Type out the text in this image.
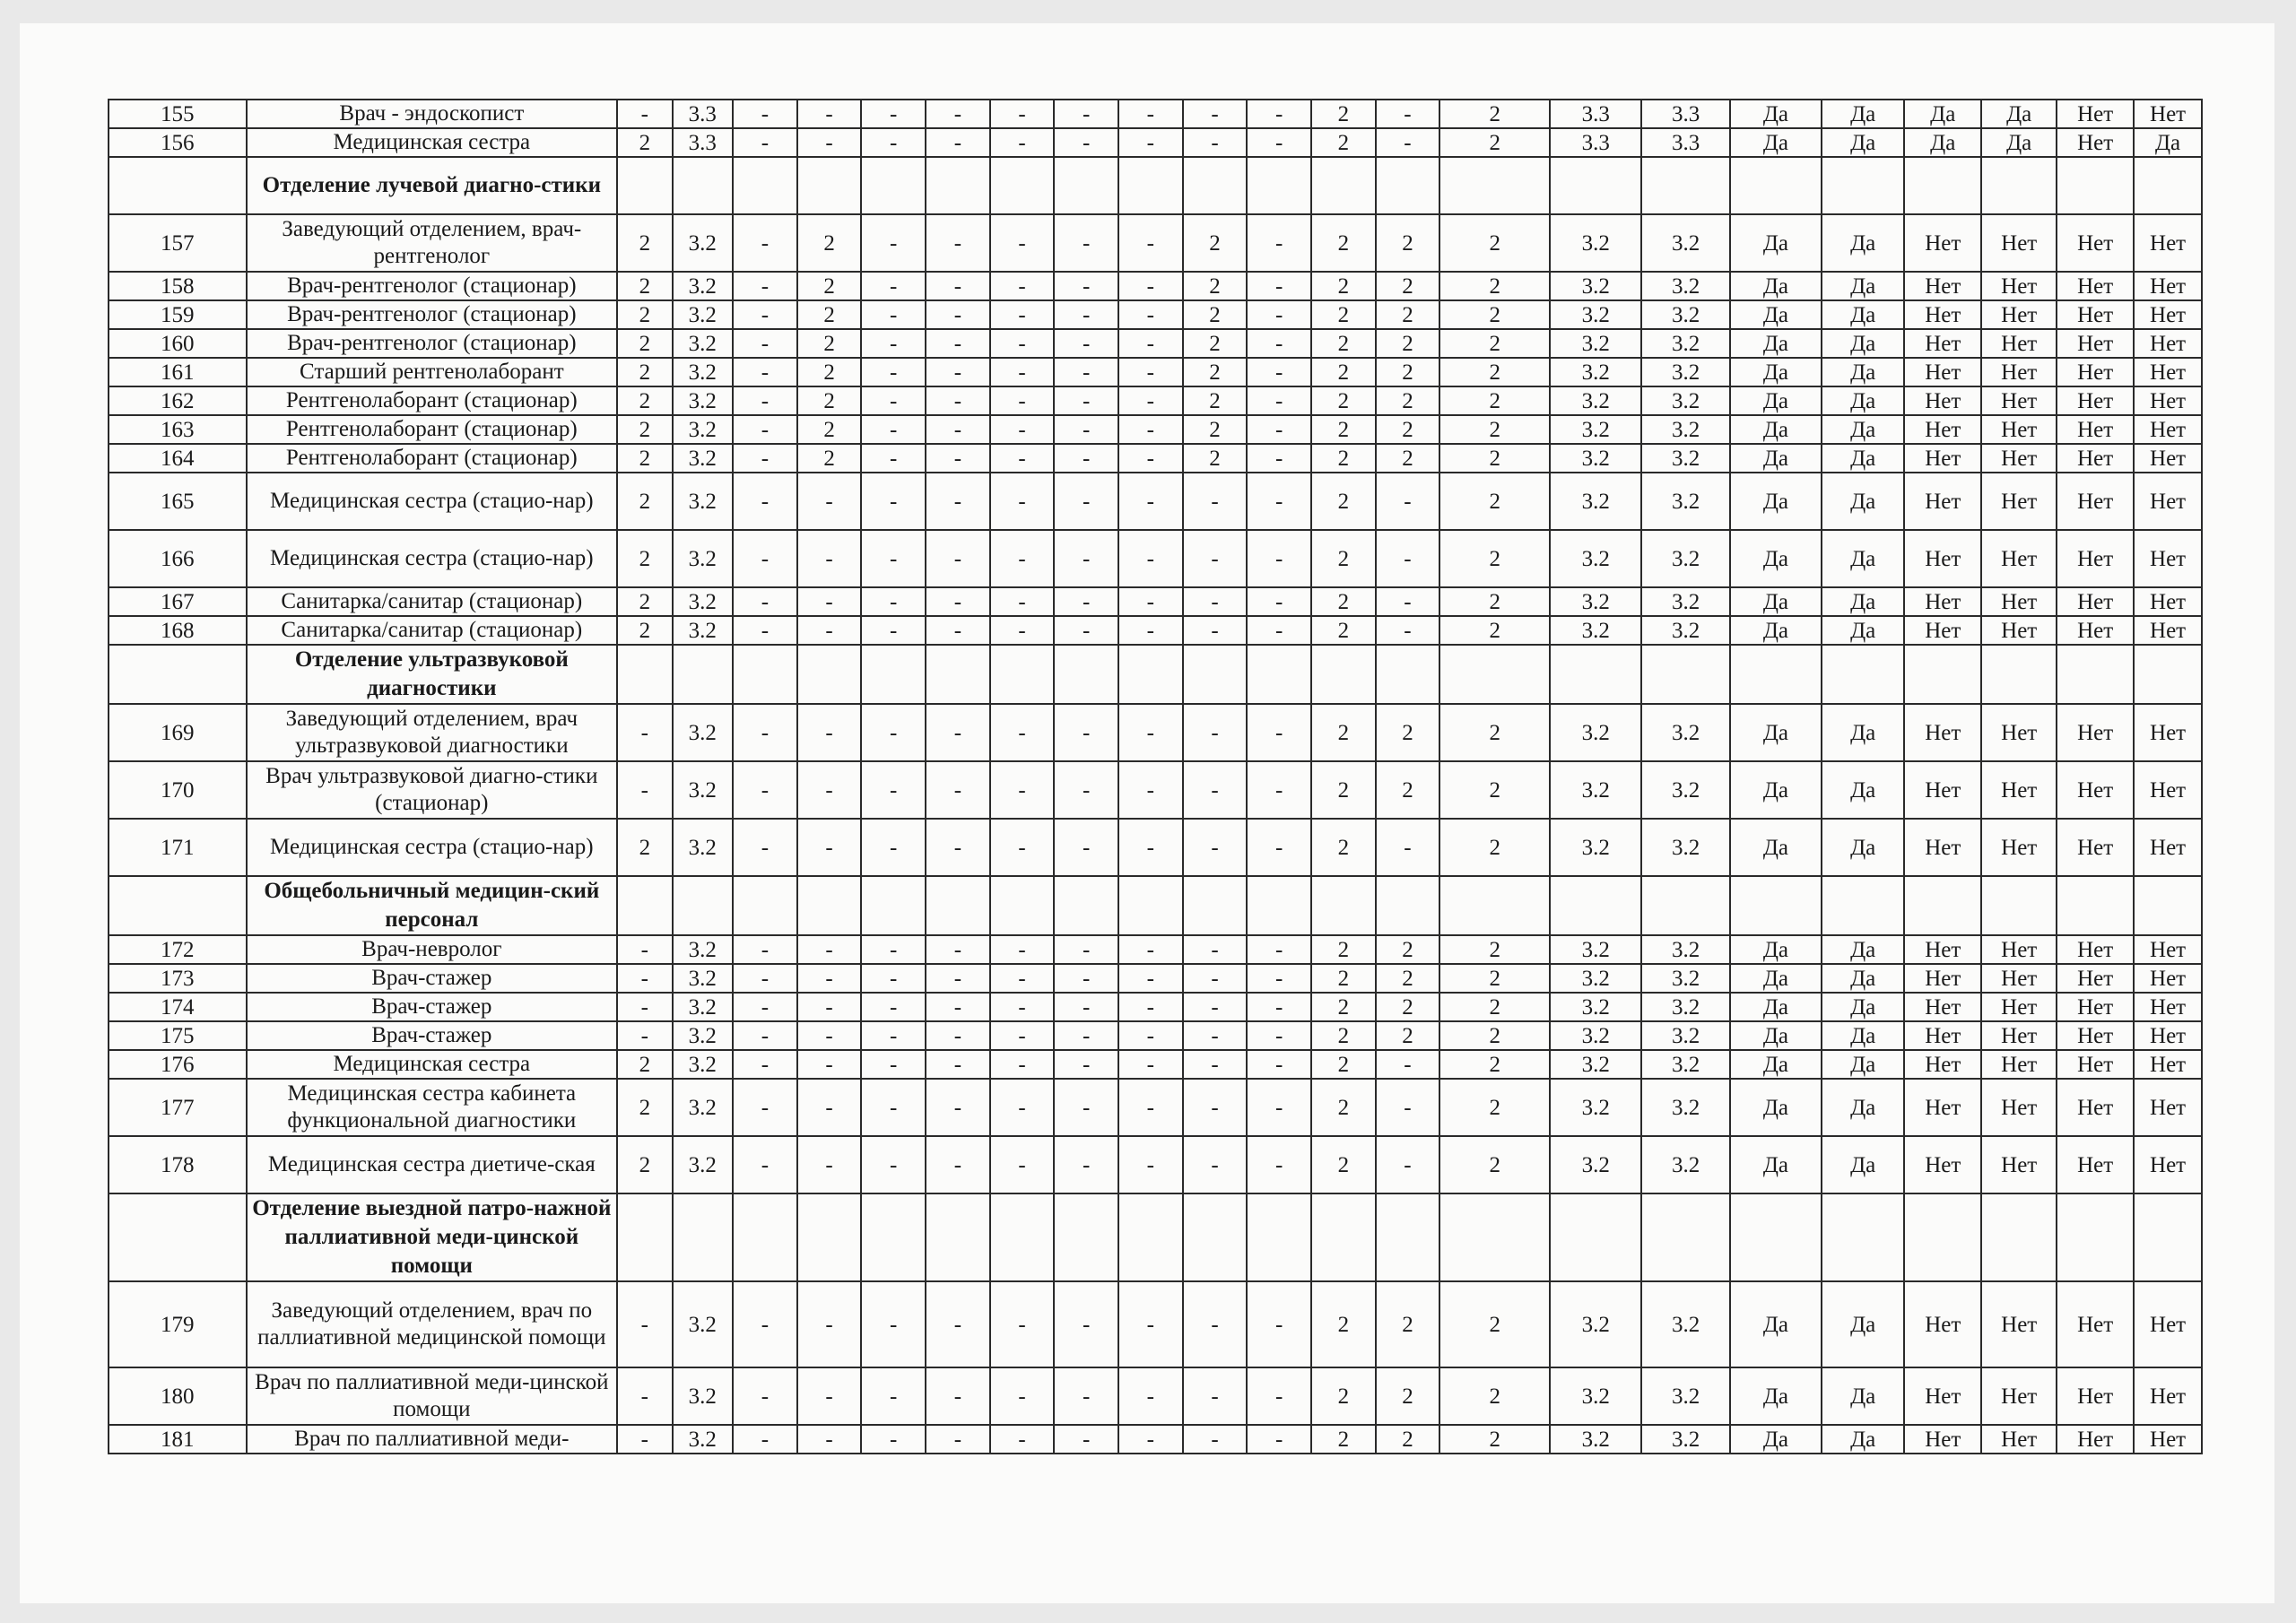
155	Врач - эндоскопист	-	3.3	-	-	-	-	-	-	-	-	-	2	-	2	3.3	3.3	Да	Да	Да	Да	Нет	Нет
156	Медицинская сестра	2	3.3	-	-	-	-	-	-	-	-	-	2	-	2	3.3	3.3	Да	Да	Да	Да	Нет	Да
	Отделение лучевой диагно-стики																						
157	Заведующий отделением, врач-рентгенолог	2	3.2	-	2	-	-	-	-	-	2	-	2	2	2	3.2	3.2	Да	Да	Нет	Нет	Нет	Нет
158	Врач-рентгенолог (стационар)	2	3.2	-	2	-	-	-	-	-	2	-	2	2	2	3.2	3.2	Да	Да	Нет	Нет	Нет	Нет
159	Врач-рентгенолог (стационар)	2	3.2	-	2	-	-	-	-	-	2	-	2	2	2	3.2	3.2	Да	Да	Нет	Нет	Нет	Нет
160	Врач-рентгенолог (стационар)	2	3.2	-	2	-	-	-	-	-	2	-	2	2	2	3.2	3.2	Да	Да	Нет	Нет	Нет	Нет
161	Старший рентгенолаборант	2	3.2	-	2	-	-	-	-	-	2	-	2	2	2	3.2	3.2	Да	Да	Нет	Нет	Нет	Нет
162	Рентгенолаборант (стационар)	2	3.2	-	2	-	-	-	-	-	2	-	2	2	2	3.2	3.2	Да	Да	Нет	Нет	Нет	Нет
163	Рентгенолаборант (стационар)	2	3.2	-	2	-	-	-	-	-	2	-	2	2	2	3.2	3.2	Да	Да	Нет	Нет	Нет	Нет
164	Рентгенолаборант (стационар)	2	3.2	-	2	-	-	-	-	-	2	-	2	2	2	3.2	3.2	Да	Да	Нет	Нет	Нет	Нет
165	Медицинская сестра (стацио-нар)	2	3.2	-	-	-	-	-	-	-	-	-	2	-	2	3.2	3.2	Да	Да	Нет	Нет	Нет	Нет
166	Медицинская сестра (стацио-нар)	2	3.2	-	-	-	-	-	-	-	-	-	2	-	2	3.2	3.2	Да	Да	Нет	Нет	Нет	Нет
167	Санитарка/санитар (стационар)	2	3.2	-	-	-	-	-	-	-	-	-	2	-	2	3.2	3.2	Да	Да	Нет	Нет	Нет	Нет
168	Санитарка/санитар (стационар)	2	3.2	-	-	-	-	-	-	-	-	-	2	-	2	3.2	3.2	Да	Да	Нет	Нет	Нет	Нет
	Отделение ультразвуковой диагностики																						
169	Заведующий отделением, врач ультразвуковой диагностики	-	3.2	-	-	-	-	-	-	-	-	-	2	2	2	3.2	3.2	Да	Да	Нет	Нет	Нет	Нет
170	Врач ультразвуковой диагно-стики (стационар)	-	3.2	-	-	-	-	-	-	-	-	-	2	2	2	3.2	3.2	Да	Да	Нет	Нет	Нет	Нет
171	Медицинская сестра (стацио-нар)	2	3.2	-	-	-	-	-	-	-	-	-	2	-	2	3.2	3.2	Да	Да	Нет	Нет	Нет	Нет
	Общебольничный медицин-ский персонал																						
172	Врач-невролог	-	3.2	-	-	-	-	-	-	-	-	-	2	2	2	3.2	3.2	Да	Да	Нет	Нет	Нет	Нет
173	Врач-стажер	-	3.2	-	-	-	-	-	-	-	-	-	2	2	2	3.2	3.2	Да	Да	Нет	Нет	Нет	Нет
174	Врач-стажер	-	3.2	-	-	-	-	-	-	-	-	-	2	2	2	3.2	3.2	Да	Да	Нет	Нет	Нет	Нет
175	Врач-стажер	-	3.2	-	-	-	-	-	-	-	-	-	2	2	2	3.2	3.2	Да	Да	Нет	Нет	Нет	Нет
176	Медицинская сестра	2	3.2	-	-	-	-	-	-	-	-	-	2	-	2	3.2	3.2	Да	Да	Нет	Нет	Нет	Нет
177	Медицинская сестра кабинета функциональной диагностики	2	3.2	-	-	-	-	-	-	-	-	-	2	-	2	3.2	3.2	Да	Да	Нет	Нет	Нет	Нет
178	Медицинская сестра диетиче-ская	2	3.2	-	-	-	-	-	-	-	-	-	2	-	2	3.2	3.2	Да	Да	Нет	Нет	Нет	Нет
	Отделение выездной патро-нажной паллиативной меди-цинской помощи																						
179	Заведующий отделением, врач по паллиативной медицинской помощи	-	3.2	-	-	-	-	-	-	-	-	-	2	2	2	3.2	3.2	Да	Да	Нет	Нет	Нет	Нет
180	Врач по паллиативной меди-цинской помощи	-	3.2	-	-	-	-	-	-	-	-	-	2	2	2	3.2	3.2	Да	Да	Нет	Нет	Нет	Нет
181	Врач по паллиативной меди-	-	3.2	-	-	-	-	-	-	-	-	-	2	2	2	3.2	3.2	Да	Да	Нет	Нет	Нет	Нет
